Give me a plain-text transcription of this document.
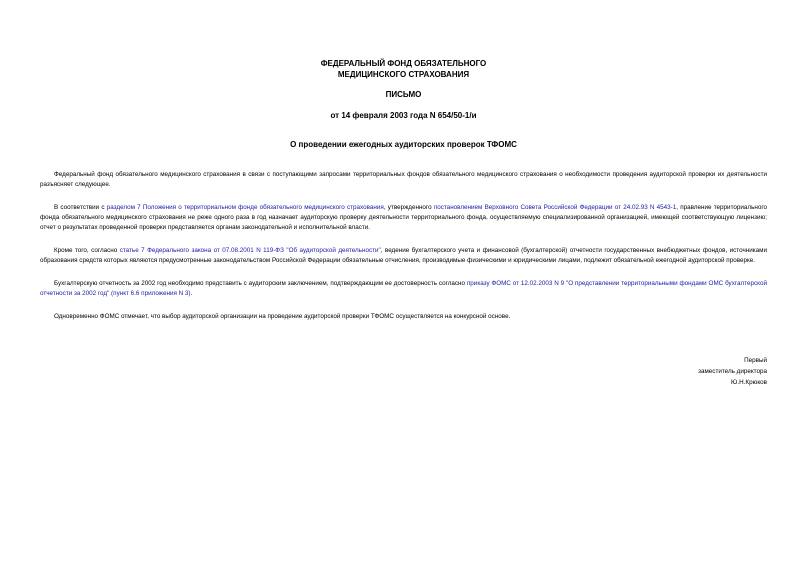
ФЕДЕРАЛЬНЫЙ ФОНД ОБЯЗАТЕЛЬНОГО
МЕДИЦИНСКОГО СТРАХОВАНИЯ
ПИСЬМО
от 14 февраля 2003 года N 654/50-1/и
О проведении ежегодных аудиторских проверок ТФОМС

Федеральный фонд обязательного медицинского страхования в связи с поступающими запросами территориальных фондов обязательного медицинского страхования о необходимости проведения аудиторской проверки их деятельности разъясняет следующее.

В соответствии с разделом 7 Положения о территориальном фонде обязательного медицинского страхования, утвержденного постановлением Верховного Совета Российской Федерации от 24.02.93 N 4543-1, правление территориального фонда обязательного медицинского страхования не реже одного раза в год назначает аудиторскую проверку деятельности территориального фонда, осуществляемую специализированной организацией, имеющей соответствующую лицензию; отчет о результатах проведенной проверки представляется органам законодательной и исполнительной власти.

Кроме того, согласно статье 7 Федерального закона от 07.08.2001 N 119-ФЗ "Об аудиторской деятельности", ведение бухгалтерского учета и финансовой (бухгалтерской) отчетности государственных внебюджетных фондов, источниками образования средств которых являются предусмотренные законодательством Российской Федерации обязательные отчисления, производимые физическими и юридическими лицами, подлежит обязательной ежегодной аудиторской проверке.

Бухгалтерскую отчетность за 2002 год необходимо представить с аудиторским заключением, подтверждающим ее достоверность согласно приказу ФОМС от 12.02.2003 N 9 "О представлении территориальными фондами ОМС бухгалтерской отчетности за 2002 год" (пункт 6.6 приложения N 3).

Одновременно ФОМС отмечает, что выбор аудиторской организации на проведение аудиторской проверки ТФОМС осуществляется на конкурсной основе.

Первый
заместитель директора
Ю.Н.Крюков
